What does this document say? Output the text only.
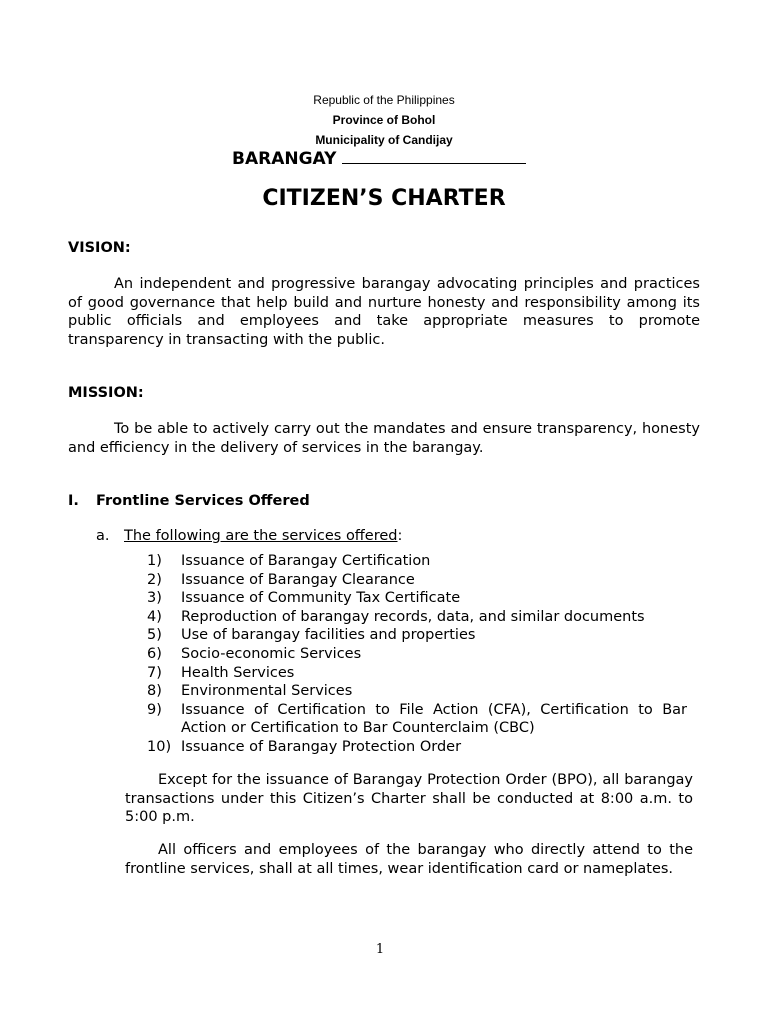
Republic of the Philippines
Province of Bohol
Municipality of Candijay
BARANGAY
CITIZEN’S CHARTER
VISION:
An independent and progressive barangay advocating principles and practices of good governance that help build and nurture honesty and responsibility among its public officials and employees and take appropriate measures to promote transparency in transacting with the public.
MISSION:
To be able to actively carry out the mandates and ensure transparency, honesty and efficiency in the delivery of services in the barangay.
I. Frontline Services Offered
a. The following are the services offered:
1)	Issuance of Barangay Certification
2)	Issuance of Barangay Clearance
3)	Issuance of Community Tax Certificate
4)	Reproduction of barangay records, data, and similar documents
5)	Use of barangay facilities and properties
6)	Socio-economic Services
7)	Health Services
8)	Environmental Services
9)	Issuance of Certification to File Action (CFA), Certification to Bar Action or Certification to Bar Counterclaim (CBC)
10) Issuance of Barangay Protection Order
Except for the issuance of Barangay Protection Order (BPO), all barangay transactions under this Citizen’s Charter shall be conducted at 8:00 a.m. to 5:00 p.m.
All officers and employees of the barangay who directly attend to the frontline services, shall at all times, wear identification card or nameplates.
1
